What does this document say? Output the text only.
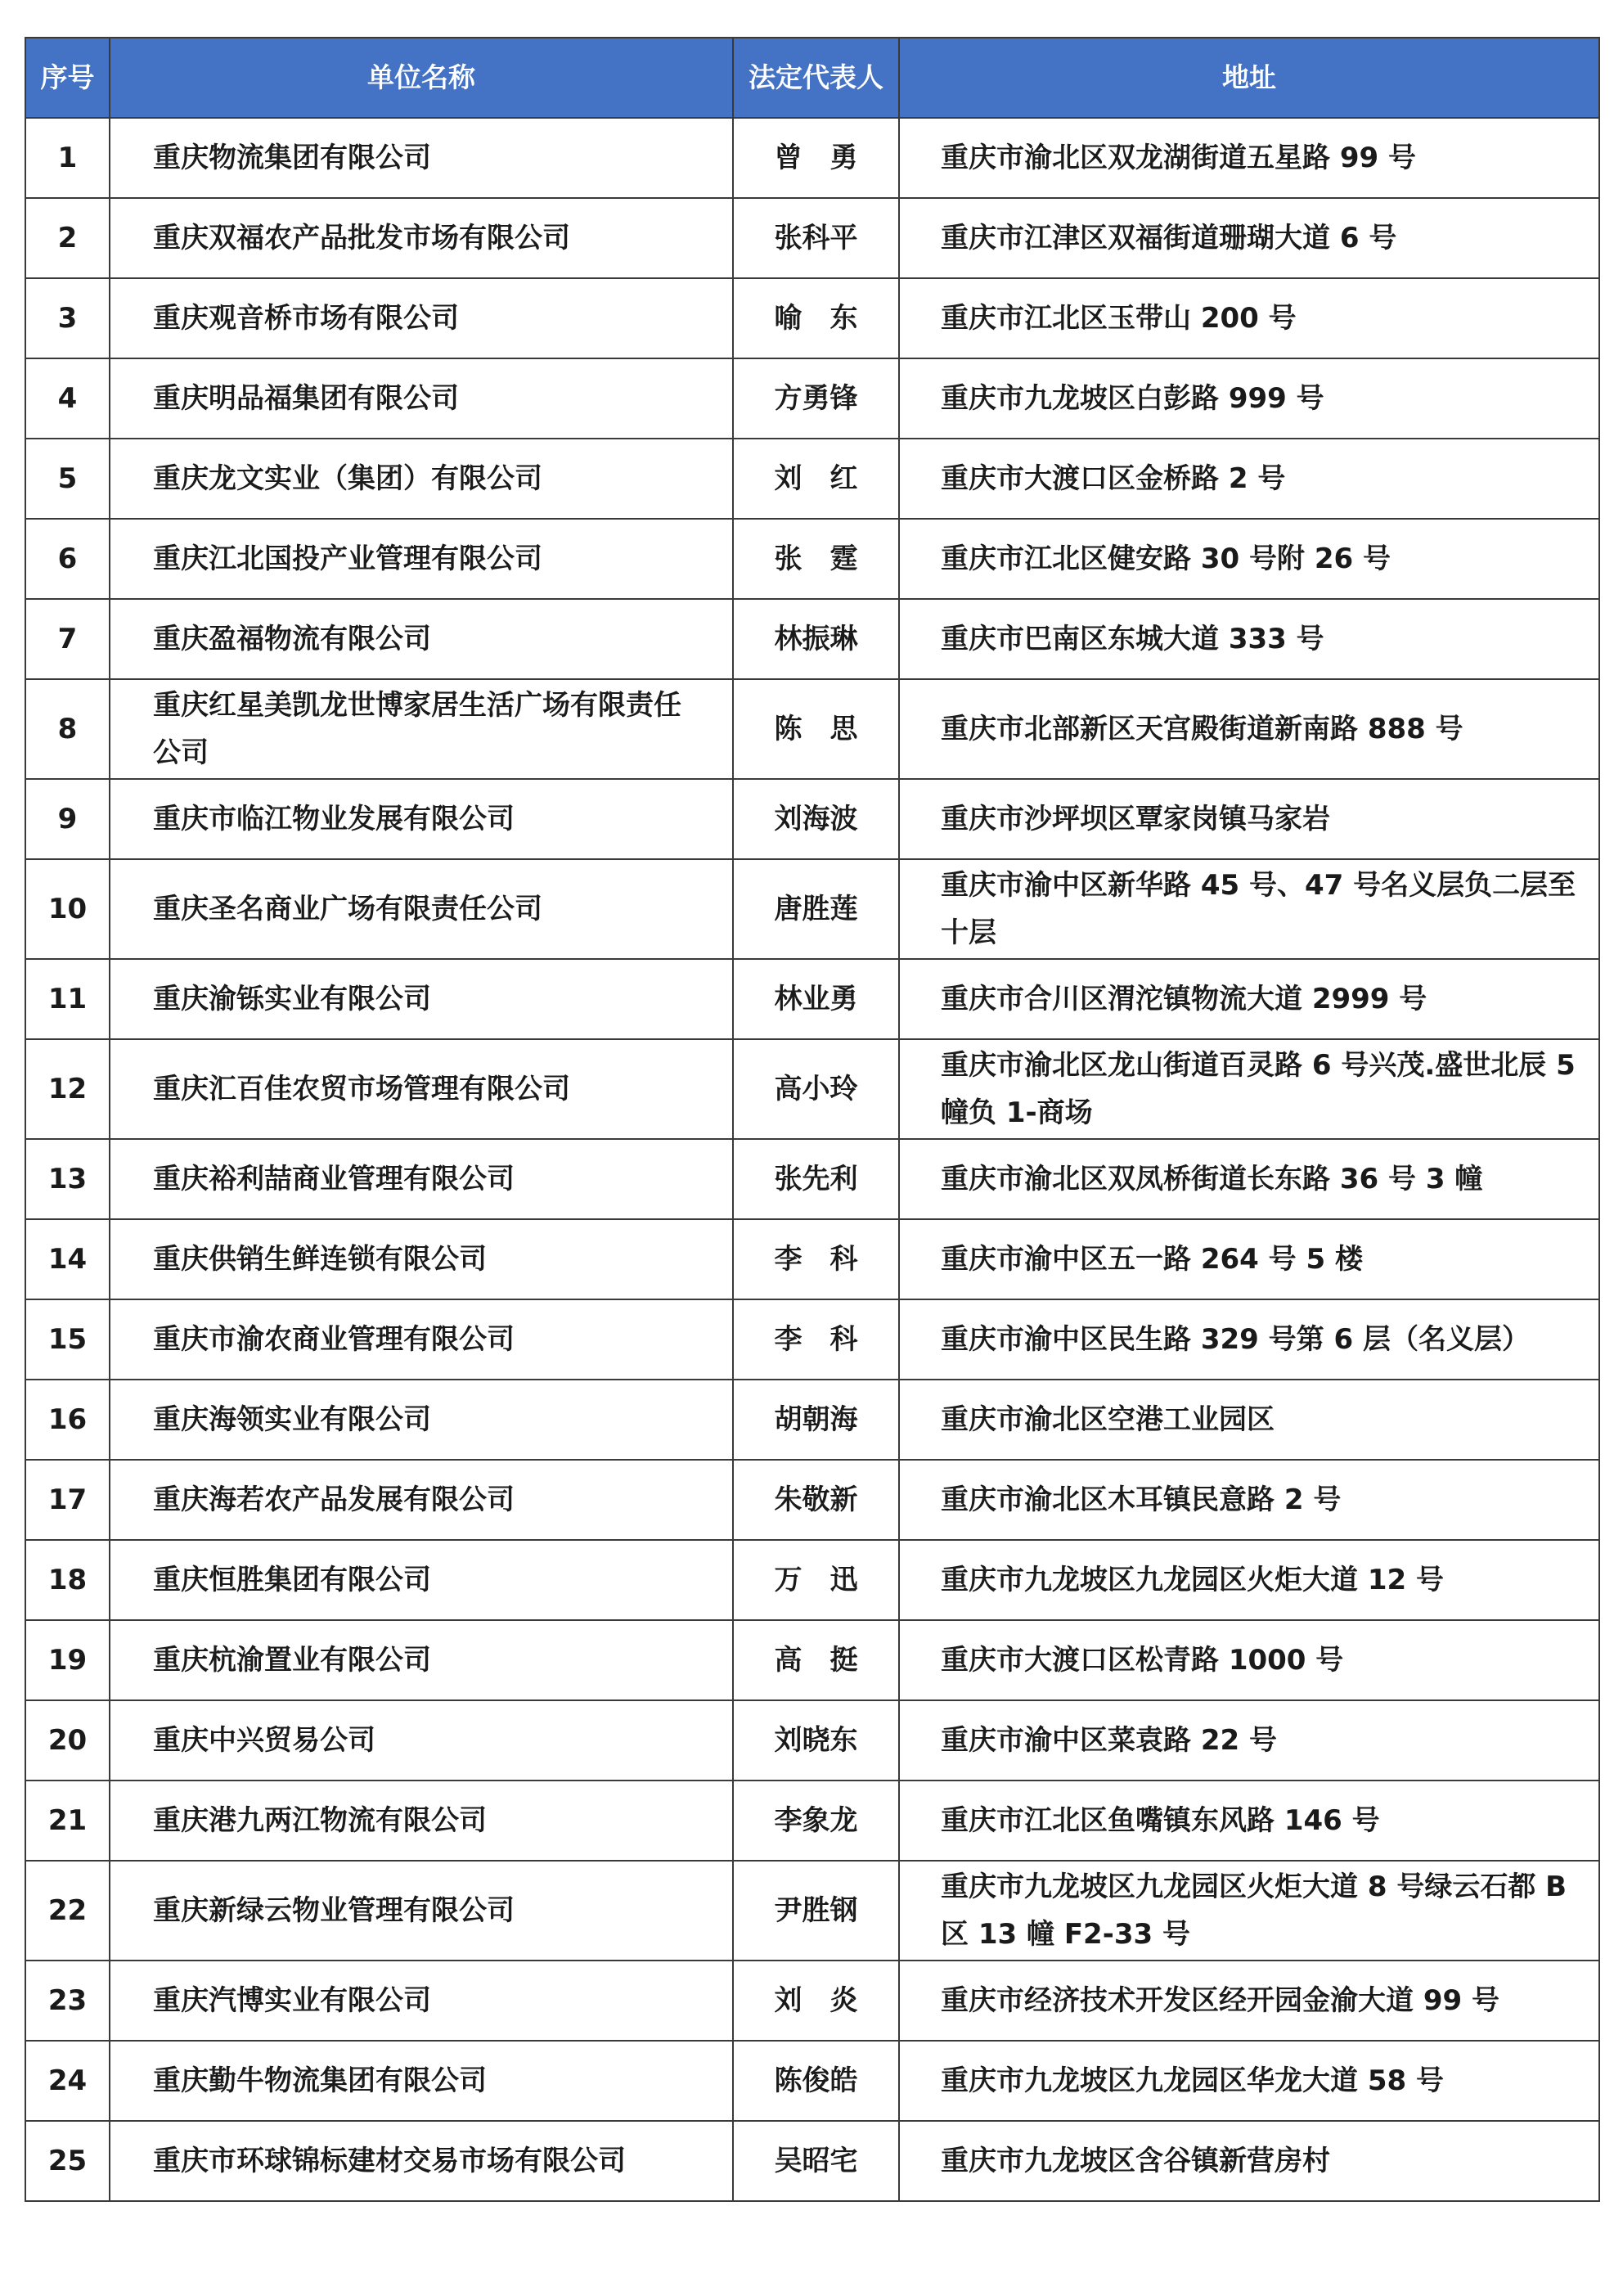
序号	单位名称	法定代表人	地址
1	重庆物流集团有限公司	曾　勇	重庆市渝北区双龙湖街道五星路 99 号
2	重庆双福农产品批发市场有限公司	张科平	重庆市江津区双福街道珊瑚大道 6 号
3	重庆观音桥市场有限公司	喻　东	重庆市江北区玉带山 200 号
4	重庆明品福集团有限公司	方勇锋	重庆市九龙坡区白彭路 999 号
5	重庆龙文实业（集团）有限公司	刘　红	重庆市大渡口区金桥路 2 号
6	重庆江北国投产业管理有限公司	张　霆	重庆市江北区健安路 30 号附 26 号
7	重庆盈福物流有限公司	林振琳	重庆市巴南区东城大道 333 号
8	重庆红星美凯龙世博家居生活广场有限责任公司	陈　思	重庆市北部新区天宫殿街道新南路 888 号
9	重庆市临江物业发展有限公司	刘海波	重庆市沙坪坝区覃家岗镇马家岩
10	重庆圣名商业广场有限责任公司	唐胜莲	重庆市渝中区新华路 45 号、47 号名义层负二层至十层
11	重庆渝铄实业有限公司	林业勇	重庆市合川区渭沱镇物流大道 2999 号
12	重庆汇百佳农贸市场管理有限公司	高小玲	重庆市渝北区龙山街道百灵路 6 号兴茂.盛世北辰 5 幢负 1-商场
13	重庆裕利喆商业管理有限公司	张先利	重庆市渝北区双凤桥街道长东路 36 号 3 幢
14	重庆供销生鲜连锁有限公司	李　科	重庆市渝中区五一路 264 号 5 楼
15	重庆市渝农商业管理有限公司	李　科	重庆市渝中区民生路 329 号第 6 层（名义层）
16	重庆海领实业有限公司	胡朝海	重庆市渝北区空港工业园区
17	重庆海若农产品发展有限公司	朱敬新	重庆市渝北区木耳镇民意路 2 号
18	重庆恒胜集团有限公司	万　迅	重庆市九龙坡区九龙园区火炬大道 12 号
19	重庆杭渝置业有限公司	高　挺	重庆市大渡口区松青路 1000 号
20	重庆中兴贸易公司	刘晓东	重庆市渝中区菜袁路 22 号
21	重庆港九两江物流有限公司	李象龙	重庆市江北区鱼嘴镇东风路 146 号
22	重庆新绿云物业管理有限公司	尹胜钢	重庆市九龙坡区九龙园区火炬大道 8 号绿云石都 B 区 13 幢 F2-33 号
23	重庆汽博实业有限公司	刘　炎	重庆市经济技术开发区经开园金渝大道 99 号
24	重庆勤牛物流集团有限公司	陈俊皓	重庆市九龙坡区九龙园区华龙大道 58 号
25	重庆市环球锦标建材交易市场有限公司	吴昭宅	重庆市九龙坡区含谷镇新营房村
